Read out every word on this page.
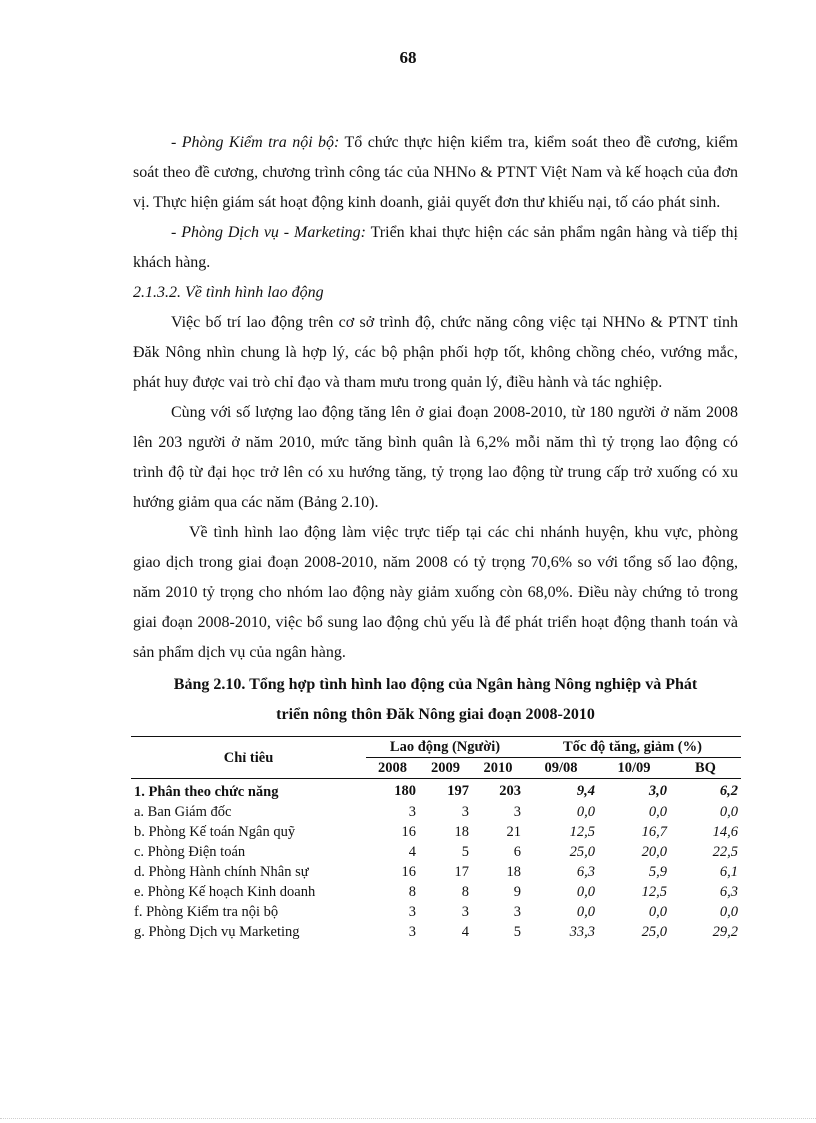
68

- Phòng Kiểm tra nội bộ: Tổ chức thực hiện kiểm tra, kiểm soát theo đề cương, kiểm soát theo đề cương, chương trình công tác của NHNo & PTNT Việt Nam và kế hoạch của đơn vị. Thực hiện giám sát hoạt động kinh doanh, giải quyết đơn thư khiếu nại, tố cáo phát sinh.

- Phòng Dịch vụ - Marketing: Triển khai thực hiện các sản phẩm ngân hàng và tiếp thị khách hàng.

2.1.3.2. Về tình hình lao động

Việc bố trí lao động trên cơ sở trình độ, chức năng công việc tại NHNo & PTNT tỉnh Đăk Nông nhìn chung là hợp lý, các bộ phận phối hợp tốt, không chồng chéo, vướng mắc, phát huy được vai trò chỉ đạo và tham mưu trong quản lý, điều hành và tác nghiệp.

Cùng với số lượng lao động tăng lên ở giai đoạn 2008-2010, từ 180 người ở năm 2008 lên 203 người ở năm 2010, mức tăng bình quân là 6,2% mỗi năm thì tỷ trọng lao động có trình độ từ đại học trở lên có xu hướng tăng, tỷ trọng lao động từ trung cấp trở xuống có xu hướng giảm qua các năm (Bảng 2.10).

Về tình hình lao động làm việc trực tiếp tại các chi nhánh huyện, khu vực, phòng giao dịch trong giai đoạn 2008-2010, năm 2008 có tỷ trọng 70,6% so với tổng số lao động, năm 2010 tỷ trọng cho nhóm lao động này giảm xuống còn 68,0%. Điều này chứng tỏ trong giai đoạn 2008-2010, việc bổ sung lao động chủ yếu là để phát triển hoạt động thanh toán và sản phẩm dịch vụ của ngân hàng.

Bảng 2.10. Tổng hợp tình hình lao động của Ngân hàng Nông nghiệp và Phát
triển nông thôn Đăk Nông giai đoạn 2008-2010

Chỉ tiêu	Lao động (Người)			Tốc độ tăng, giảm (%)		
	2008	2009	2010	09/08	10/09	BQ
1. Phân theo chức năng	180	197	203	9,4	3,0	6,2
a. Ban Giám đốc	3	3	3	0,0	0,0	0,0
b. Phòng Kế toán Ngân quỹ	16	18	21	12,5	16,7	14,6
c. Phòng Điện toán	4	5	6	25,0	20,0	22,5
d. Phòng Hành chính Nhân sự	16	17	18	6,3	5,9	6,1
e. Phòng Kế hoạch Kinh doanh	8	8	9	0,0	12,5	6,3
f. Phòng Kiểm tra nội bộ	3	3	3	0,0	0,0	0,0
g. Phòng Dịch vụ Marketing	3	4	5	33,3	25,0	29,2
